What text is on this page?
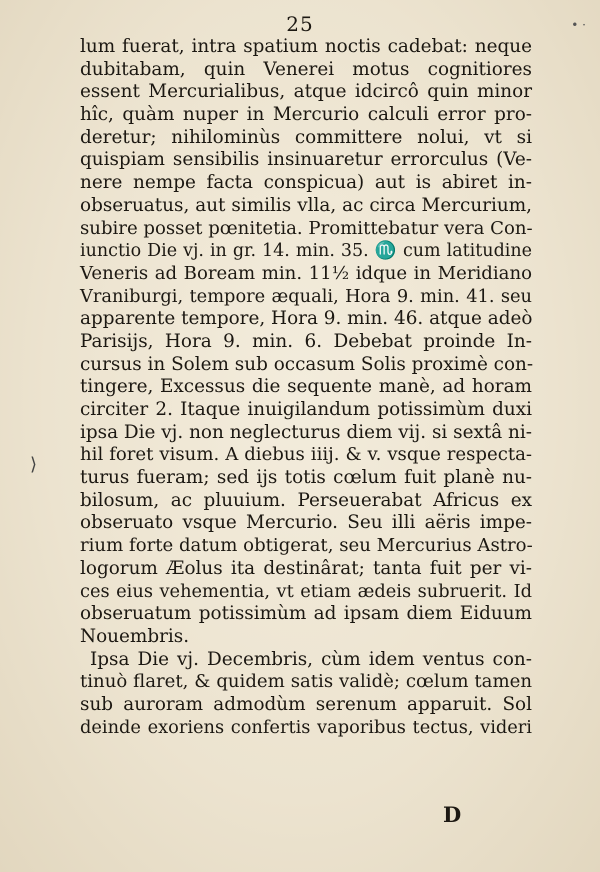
25	• ·
⟩
lum fuerat, intra spatium noctis cadebat: neque
dubitabam, quin Venerei motus cognitiores
essent Mercurialibus, atque idcircô quin minor
hîc, quàm nuper in Mercurio calculi error pro-
deretur; nihilominùs committere nolui, vt si
quispiam sensibilis insinuaretur errorculus (Ve-
nere nempe facta conspicua) aut is abiret in-
obseruatus, aut similis vlla, ac circa Mercurium,
subire posset pœnitetia. Promittebatur vera Con-
iunctio Die vj. in gr. 14. min. 35. ♏ cum latitudine
Veneris ad Boream min. 11½ idque in Meridiano
Vraniburgi, tempore æquali, Hora 9. min. 41. seu
apparente tempore, Hora 9. min. 46. atque adeò
Parisijs, Hora 9. min. 6. Debebat proinde In-
cursus in Solem sub occasum Solis proximè con-
tingere, Excessus die sequente manè, ad horam
circiter 2. Itaque inuigilandum potissimùm duxi
ipsa Die vj. non neglecturus diem vij. si sextâ ni-
hil foret visum. A diebus iiij. & v. vsque respecta-
turus fueram; sed ijs totis cœlum fuit planè nu-
bilosum, ac pluuium. Perseuerabat Africus ex
obseruato vsque Mercurio. Seu illi aëris impe-
rium forte datum obtigerat, seu Mercurius Astro-
logorum Æolus ita destinârat; tanta fuit per vi-
ces eius vehementia, vt etiam ædeis subruerit. Id
obseruatum potissimùm ad ipsam diem Eiduum
Nouembris.
Ipsa Die vj. Decembris, cùm idem ventus con-
tinuò flaret, & quidem satis validè; cœlum tamen
sub auroram admodùm serenum apparuit. Sol
deinde exoriens confertis vaporibus tectus, videri
D
